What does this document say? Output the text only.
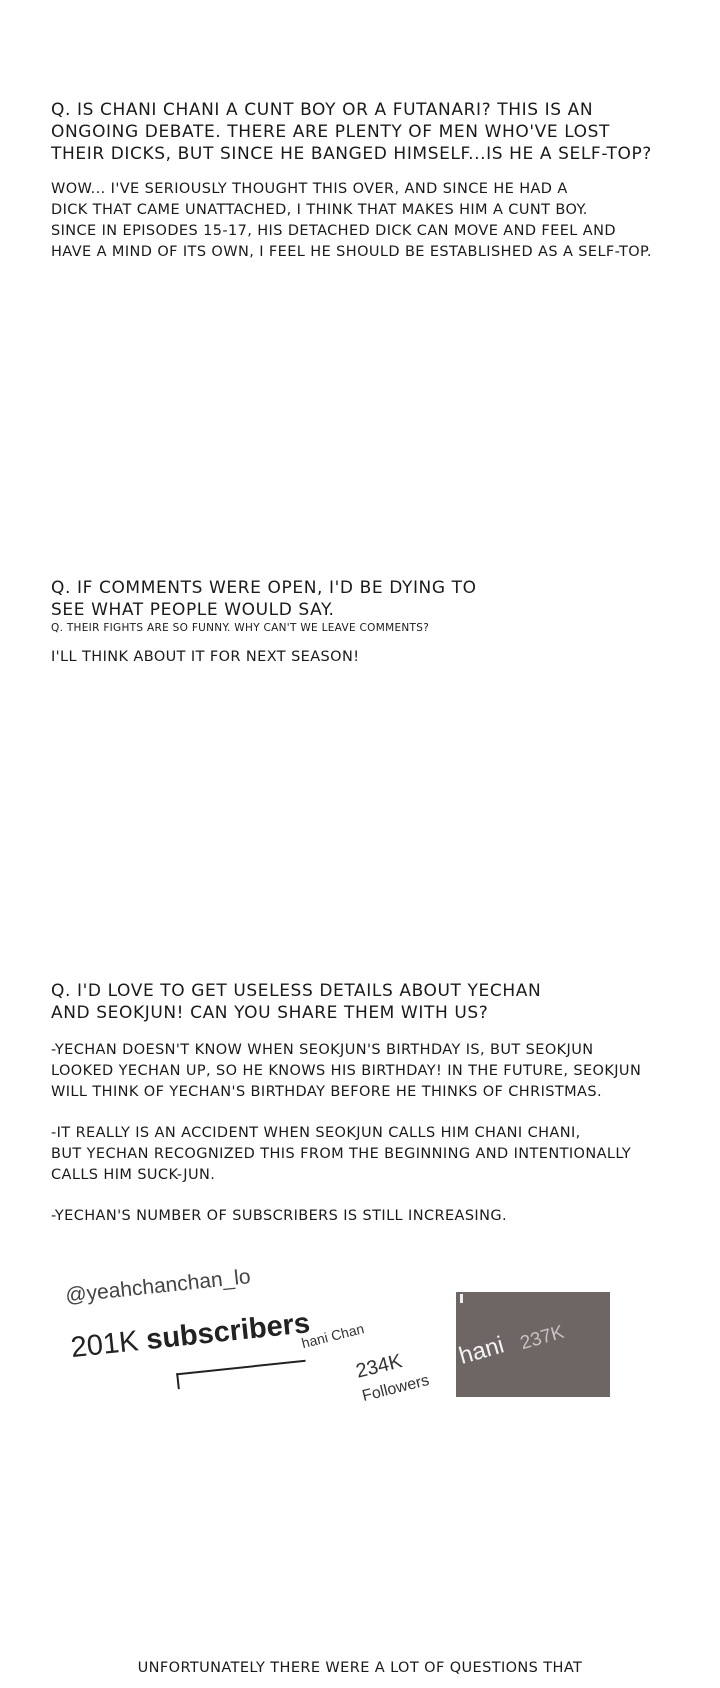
Q. IS CHANI CHANI A CUNT BOY OR A FUTANARI? THIS IS AN

ONGOING DEBATE. THERE ARE PLENTY OF MEN WHO'VE LOST

THEIR DICKS, BUT SINCE HE BANGED HIMSELF...IS HE A SELF-TOP?

WOW... I'VE SERIOUSLY THOUGHT THIS OVER, AND SINCE HE HAD A

DICK THAT CAME UNATTACHED, I THINK THAT MAKES HIM A CUNT BOY.

SINCE IN EPISODES 15-17, HIS DETACHED DICK CAN MOVE AND FEEL AND

HAVE A MIND OF ITS OWN, I FEEL HE SHOULD BE ESTABLISHED AS A SELF-TOP.

Q. IF COMMENTS WERE OPEN, I'D BE DYING TO

SEE WHAT PEOPLE WOULD SAY.

Q. THEIR FIGHTS ARE SO FUNNY. WHY CAN'T WE LEAVE COMMENTS?

I'LL THINK ABOUT IT FOR NEXT SEASON!

Q. I'D LOVE TO GET USELESS DETAILS ABOUT YECHAN

AND SEOKJUN! CAN YOU SHARE THEM WITH US?

-YECHAN DOESN'T KNOW WHEN SEOKJUN'S BIRTHDAY IS, BUT SEOKJUN

LOOKED YECHAN UP, SO HE KNOWS HIS BIRTHDAY! IN THE FUTURE, SEOKJUN

WILL THINK OF YECHAN'S BIRTHDAY BEFORE HE THINKS OF CHRISTMAS.

-IT REALLY IS AN ACCIDENT WHEN SEOKJUN CALLS HIM CHANI CHANI,

BUT YECHAN RECOGNIZED THIS FROM THE BEGINNING AND INTENTIONALLY

CALLS HIM SUCK-JUN.

-YECHAN'S NUMBER OF SUBSCRIBERS IS STILL INCREASING.

@yeahchanchan_lo
201K subscribers
hani Chan
234K
Followers
hani 237K

UNFORTUNATELY THERE WERE A LOT OF QUESTIONS THAT
